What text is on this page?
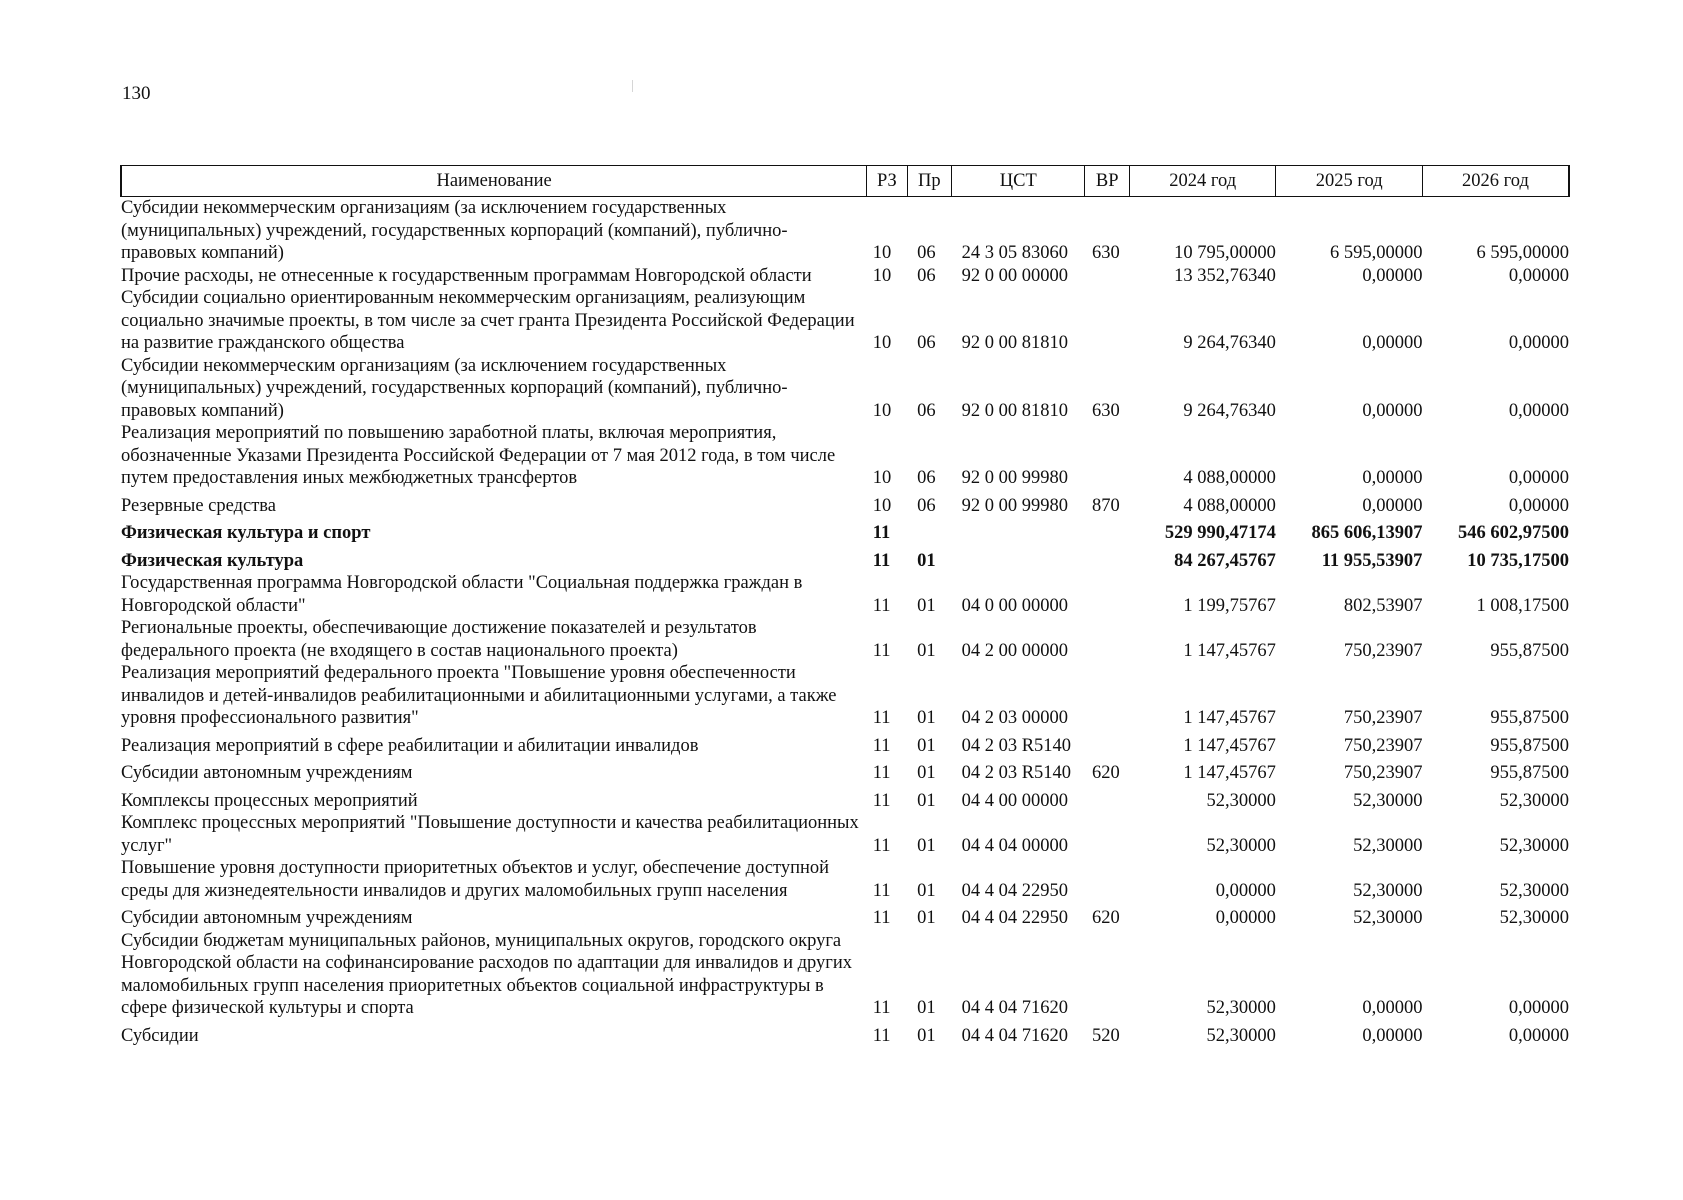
130
Наименование	РЗ	Пр	ЦСТ	ВР	2024 год	2025 год	2026 год
Субсидии некоммерческим организациям (за исключением государственных (муниципальных) учреждений, государственных корпораций (компаний), публично-правовых компаний)	10	06	24 3 05 83060	630	10 795,00000	6 595,00000	6 595,00000
Прочие расходы, не отнесенные к государственным программам Новгородской области	10	06	92 0 00 00000		13 352,76340	0,00000	0,00000
Субсидии социально ориентированным некоммерческим организациям, реализующим социально значимые проекты, в том числе за счет гранта Президента Российской Федерации на развитие гражданского общества	10	06	92 0 00 81810		9 264,76340	0,00000	0,00000
Субсидии некоммерческим организациям (за исключением государственных (муниципальных) учреждений, государственных корпораций (компаний), публично-правовых компаний)	10	06	92 0 00 81810	630	9 264,76340	0,00000	0,00000
Реализация мероприятий по повышению заработной платы, включая мероприятия, обозначенные Указами Президента Российской Федерации от 7 мая 2012 года, в том числе путем предоставления иных межбюджетных трансфертов	10	06	92 0 00 99980		4 088,00000	0,00000	0,00000
Резервные средства	10	06	92 0 00 99980	870	4 088,00000	0,00000	0,00000
Физическая культура и спорт	11				529 990,47174	865 606,13907	546 602,97500
Физическая культура	11	01			84 267,45767	11 955,53907	10 735,17500
Государственная программа Новгородской области "Социальная поддержка граждан в Новгородской области"	11	01	04 0 00 00000		1 199,75767	802,53907	1 008,17500
Региональные проекты, обеспечивающие достижение показателей и результатов федерального проекта (не входящего в состав национального проекта)	11	01	04 2 00 00000		1 147,45767	750,23907	955,87500
Реализация мероприятий федерального проекта "Повышение уровня обеспеченности инвалидов и детей-инвалидов реабилитационными и абилитационными услугами, а также уровня профессионального развития"	11	01	04 2 03 00000		1 147,45767	750,23907	955,87500
Реализация мероприятий в сфере реабилитации и абилитации инвалидов	11	01	04 2 03 R5140		1 147,45767	750,23907	955,87500
Субсидии автономным учреждениям	11	01	04 2 03 R5140	620	1 147,45767	750,23907	955,87500
Комплексы процессных мероприятий	11	01	04 4 00 00000		52,30000	52,30000	52,30000
Комплекс процессных мероприятий "Повышение доступности и качества реабилитационных услуг"	11	01	04 4 04 00000		52,30000	52,30000	52,30000
Повышение уровня доступности приоритетных объектов и услуг, обеспечение доступной среды для жизнедеятельности инвалидов и других маломобильных групп населения	11	01	04 4 04 22950		0,00000	52,30000	52,30000
Субсидии автономным учреждениям	11	01	04 4 04 22950	620	0,00000	52,30000	52,30000
Субсидии бюджетам муниципальных районов, муниципальных округов, городского округа Новгородской области на софинансирование расходов по адаптации для инвалидов и других маломобильных групп населения приоритетных объектов социальной инфраструктуры в сфере физической культуры и спорта	11	01	04 4 04 71620		52,30000	0,00000	0,00000
Субсидии	11	01	04 4 04 71620	520	52,30000	0,00000	0,00000
